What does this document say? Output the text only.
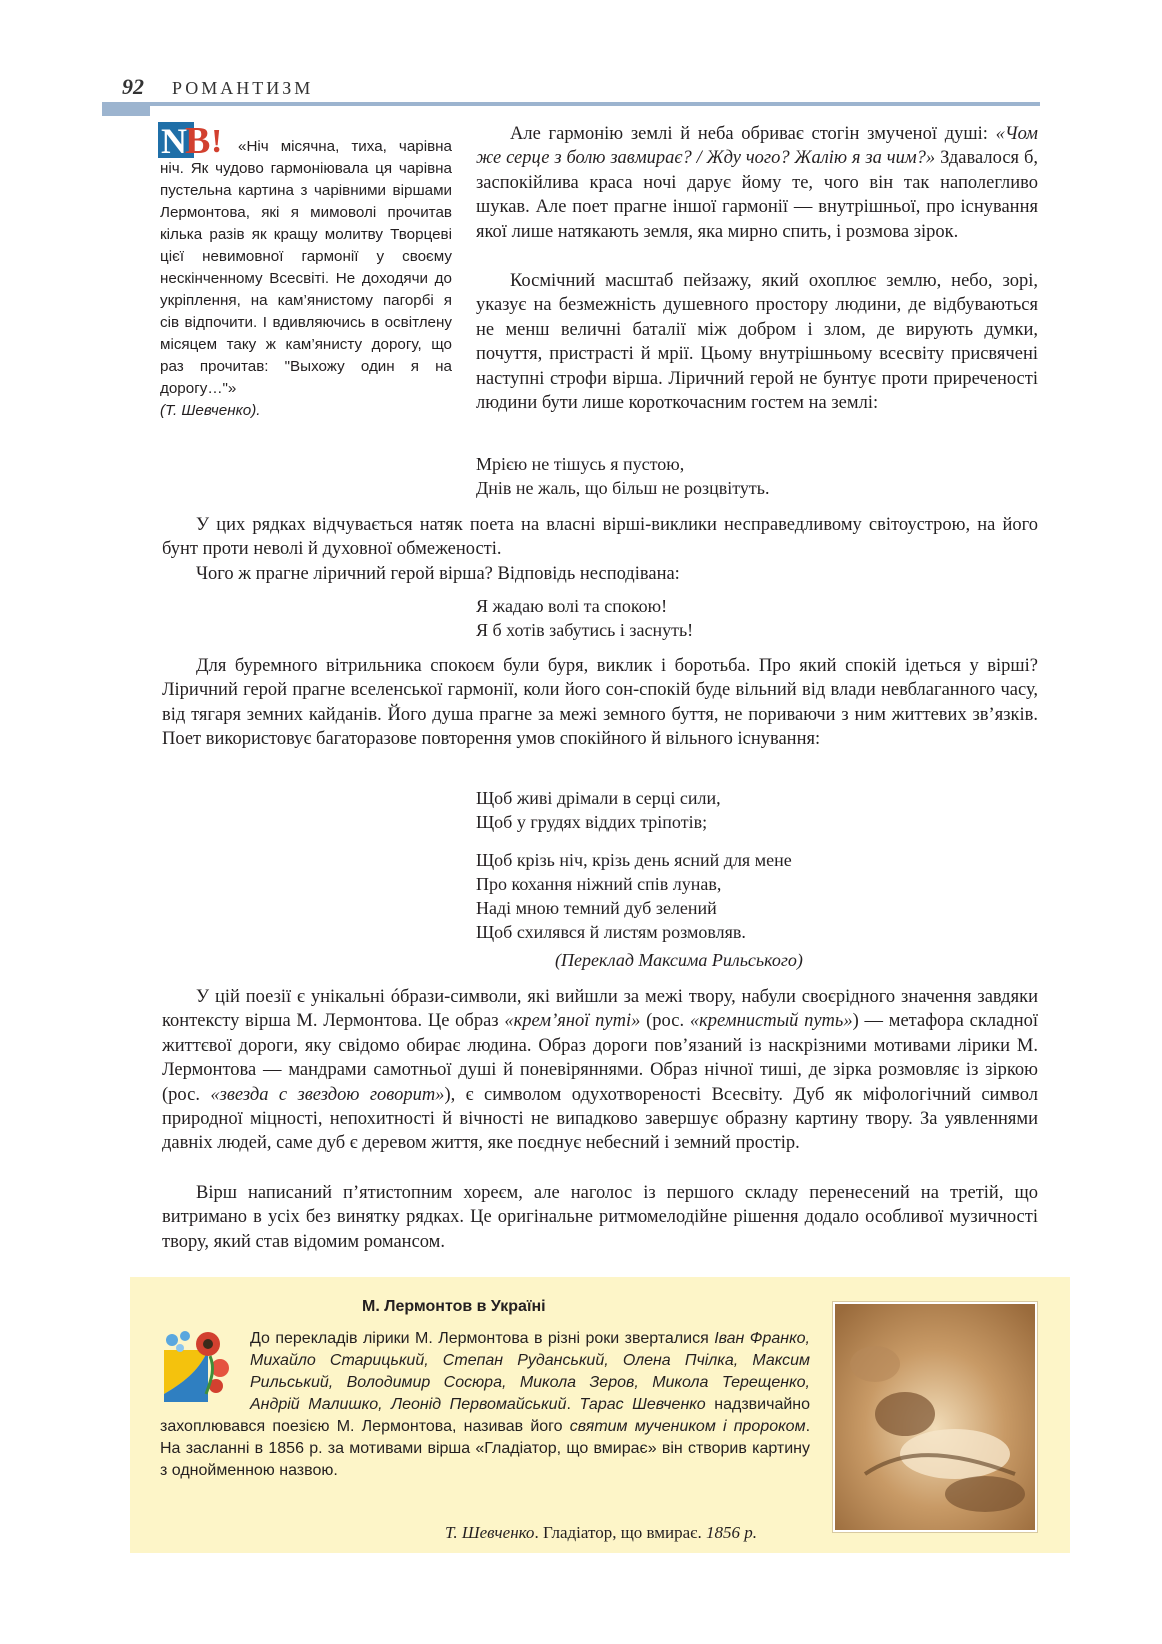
92 РОМАНТИЗМ
N
B !	«Ніч місячна, тиха, чарівна ніч. Як чудово гармоніювала ця чарівна пустельна картина з чарівними віршами Лермонтова, які я мимоволі прочитав кілька разів як кращу молитву Творцеві цієї невимовної гармонії у своєму нескінченному Всесвіті. Не доходячи до укріплення, на кам’янистому пагорбі я сів відпочити. І вдивляючись в освітлену місяцем таку ж кам’янисту дорогу, що раз прочитав: "Выхожу один я на дорогу…"»
(Т. Шевченко).

Але гармонію землі й неба обриває стогін змученої душі: «Чом же серце з болю завмирає? / Жду чого? Жалію я за чим?» Здавалося б, заспокійлива краса ночі дарує йому те, чого він так наполегливо шукав. Але поет прагне іншої гармонії — внутрішньої, про існування якої лише натякають земля, яка мирно спить, і розмова зірок.

Космічний масштаб пейзажу, який охоплює землю, небо, зорі, указує на безмежність душевного простору людини, де відбуваються не менш величні баталії між добром і злом, де вирують думки, почуття, пристрасті й мрії. Цьому внутрішньому всесвіту присвячені наступні строфи вірша. Ліричний герой не бунтує проти приреченості людини бути лише короткочасним гостем на землі:

Мрією не тішусь я пустою,
Днів не жаль, що більш не розцвітуть.

У цих рядках відчувається натяк поета на власні вірші-виклики несправедливому світоустрою, на його бунт проти неволі й духовної обмеженості.

Чого ж прагне ліричний герой вірша? Відповідь несподівана:

Я жадаю волі та спокою!
Я б хотів забутись і заснуть!

Для буремного вітрильника спокоєм були буря, виклик і боротьба. Про який спокій ідеться у вірші? Ліричний герой прагне вселенської гармонії, коли його сон-спокій буде вільний від влади невблаганного часу, від тягаря земних кайданів. Його душа прагне за межі земного буття, не пориваючи з ним життевих зв’язків. Поет використовує багаторазове повторення умов спокійного й вільного існування:

Щоб живі дрімали в серці сили,
Щоб у грудях віддих тріпотів;
Щоб крізь ніч, крізь день ясний для мене
Про кохання ніжний спів лунав,
Наді мною темний дуб зелений
Щоб схилявся й листям розмовляв.
(Переклад Максима Рильського)

У цій поезії є унікальні óбрази-символи, які вийшли за межі твору, набули своєрідного значення завдяки контексту вірша М. Лермонтова. Це образ «крем’яної путі» (рос. «кремнистый путь») — метафора складної життєвої дороги, яку свідомо обирає людина. Образ дороги пов’язаний із наскрізними мотивами лірики М. Лермонтова — мандрами самотньої душі й поневіряннями. Образ нічної тиші, де зірка розмовляє із зіркою (рос. «звезда с звездою говорит»), є символом одухотвореності Всесвіту. Дуб як міфологічний символ природної міцності, непохитності й вічності не випадково завершує образну картину твору. За уявленнями давніх людей, саме дуб є деревом життя, яке поєднує небесний і земний простір.

Вірш написаний п’ятистопним хореєм, але наголос із першого складу перенесений на третій, що витримано в усіх без винятку рядках. Це оригінальне ритмомелодійне рішення додало особливої музичності твору, який став відомим романсом.

М. Лермонтов в Україні
До перекладів лірики М. Лермонтова в різні роки зверталися Іван Франко, Михайло Старицький, Степан Руданський, Олена Пчілка, Максим Рильський, Володимир Сосюра, Микола Зеров, Микола Терещенко, Андрій Малишко, Леонід Первомайський. Тарас Шевченко надзвичайно захоплювався поезією М. Лермонтова, називав його святим мучеником і пророком. На засланні в 1856 р. за мотивами вірша «Гладіатор, що вмирає» він створив картину з однойменною назвою.
Т. Шевченко. Гладіатор, що вмирає. 1856 р.
